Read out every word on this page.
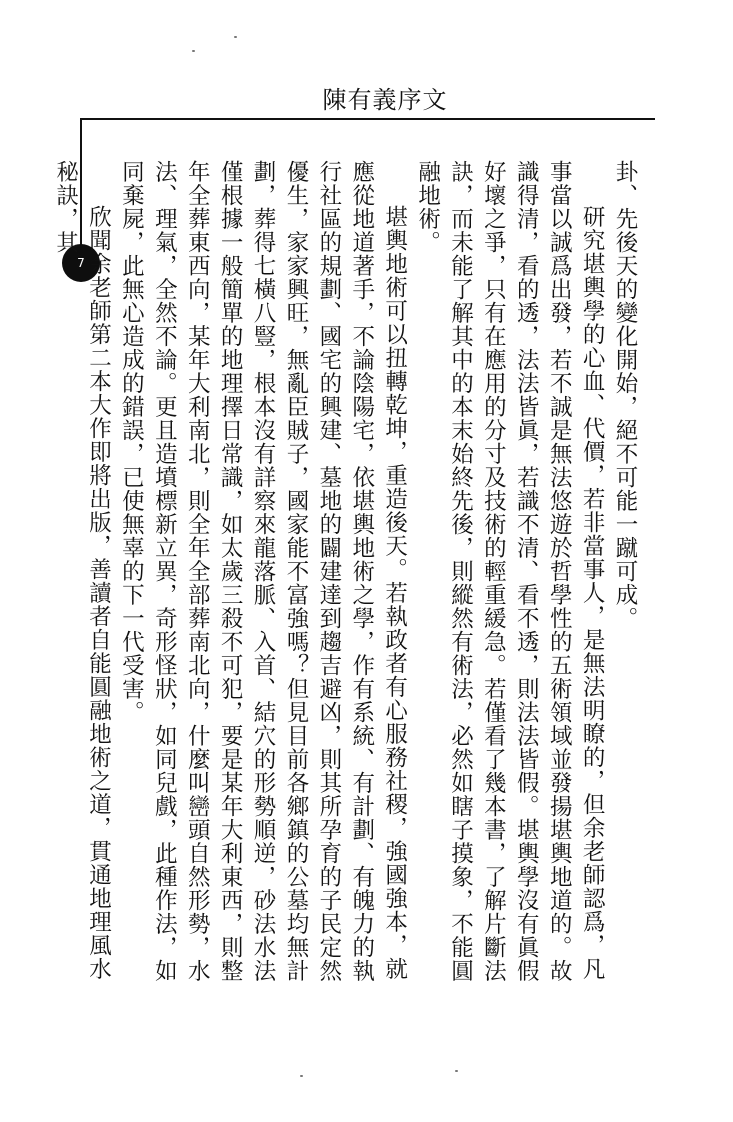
陳有義序文
7	卦、先後天的變化開始，絕不可能一蹴可成。

研究堪輿學的心血、代價，若非當事人，是無法明瞭的，但余老師認爲，凡事當以誠爲出發，若不誠是無法悠遊於哲學性的五術領域並發揚堪輿地道的。故識得清，看的透，法法皆眞，若識不清、看不透，則法法皆假。堪輿學沒有眞假好壞之爭，只有在應用的分寸及技術的輕重緩急。若僅看了幾本書，了解片斷法訣，而未能了解其中的本末始終先後，則縱然有術法，必然如瞎子摸象，不能圓融地術。

堪輿地術可以扭轉乾坤，重造後天。若執政者有心服務社稷，強國強本，就應從地道著手，不論陰陽宅，依堪輿地術之學，作有系統、有計劃、有魄力的執行社區的規劃、國宅的興建、墓地的闢建達到趨吉避凶，則其所孕育的子民定然優生，家家興旺，無亂臣賊子，國家能不富強嗎？但見目前各鄉鎮的公墓均無計劃，葬得七橫八豎，根本沒有詳察來龍落脈、入首、結穴的形勢順逆，砂法水法僅根據一般簡單的地理擇日常識，如太歲三殺不可犯，要是某年大利東西，則整年全葬東西向，某年大利南北，則全年全部葬南北向，什麼叫巒頭自然形勢，水法、理氣，全然不論。更且造墳標新立異，奇形怪狀，如同兒戲，此種作法，如同棄屍，此無心造成的錯誤，已使無辜的下一代受害。

欣聞余老師第二本大作即將出版，善讀者自能圓融地術之道，貫通地理風水秘訣，其
